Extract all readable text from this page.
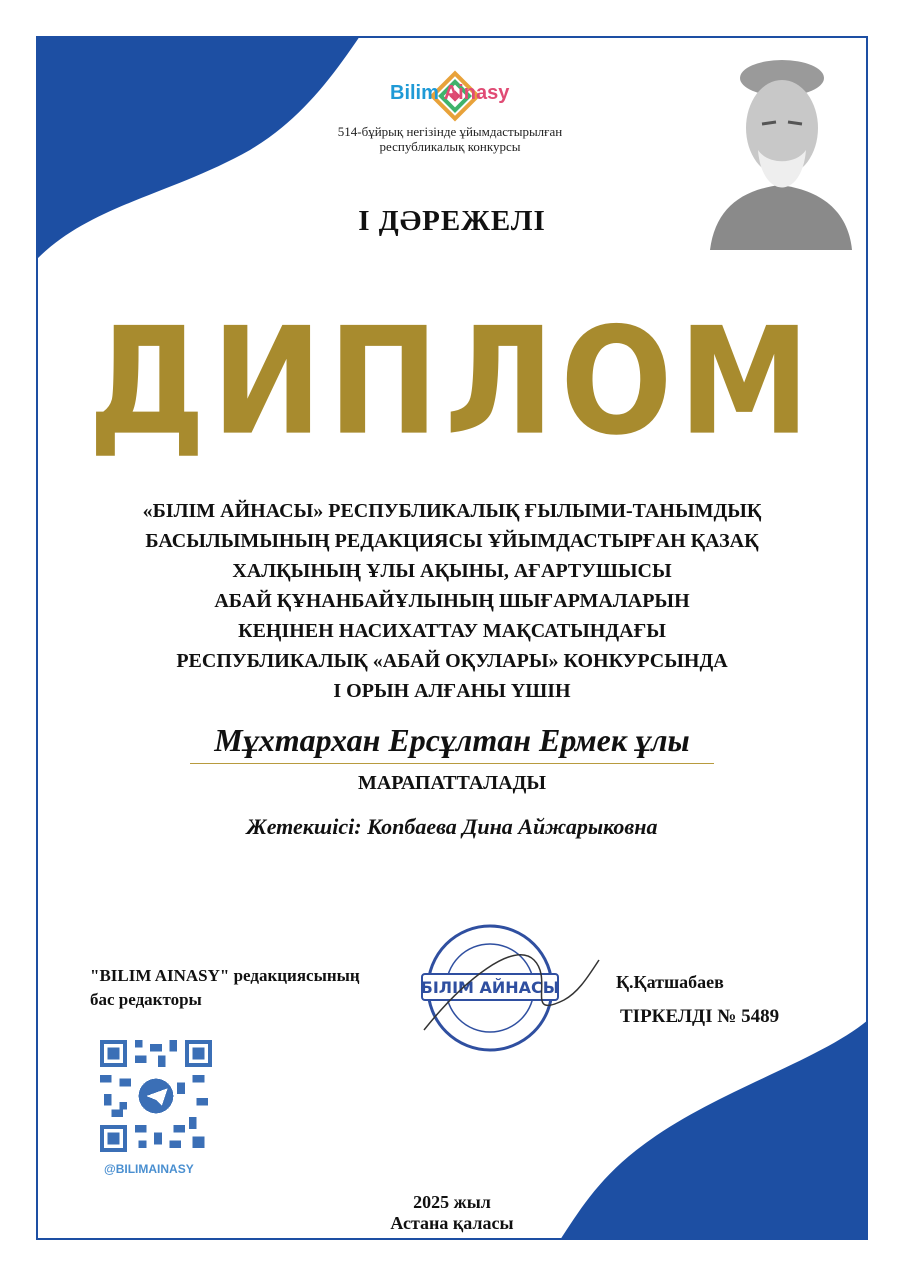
Bilim Ainasy
514-бұйрық негізінде ұйымдастырылған
республикалық конкурсы
I ДӘРЕЖЕЛІ
ДИПЛОМ
«БІЛІМ АЙНАСЫ» РЕСПУБЛИКАЛЫҚ ҒЫЛЫМИ-ТАНЫМДЫҚ
БАСЫЛЫМЫНЫҢ РЕДАКЦИЯСЫ ҰЙЫМДАСТЫРҒАН ҚАЗАҚ
ХАЛҚЫНЫҢ ҰЛЫ АҚЫНЫ, АҒАРТУШЫСЫ
АБАЙ ҚҰНАНБАЙҰЛЫНЫҢ ШЫҒАРМАЛАРЫН
КЕҢІНЕН НАСИХАТТАУ МАҚСАТЫНДАҒЫ
РЕСПУБЛИКАЛЫҚ «АБАЙ ОҚУЛАРЫ» КОНКУРСЫНДА
I ОРЫН АЛҒАНЫ ҮШІН
Мұхтархан Ерсұлтан Ермек ұлы
МАРАПАТТАЛАДЫ
Жетекшісі: Копбаева Дина Айжарыковна
"BILIM AINASY" редакциясының
бас редакторы
БІЛІМ АЙНАСЫ	Қ.Қатшабаев
ТІРКЕЛДІ № 5489
@BILIMAINASY
2025 жыл
Астана қаласы
